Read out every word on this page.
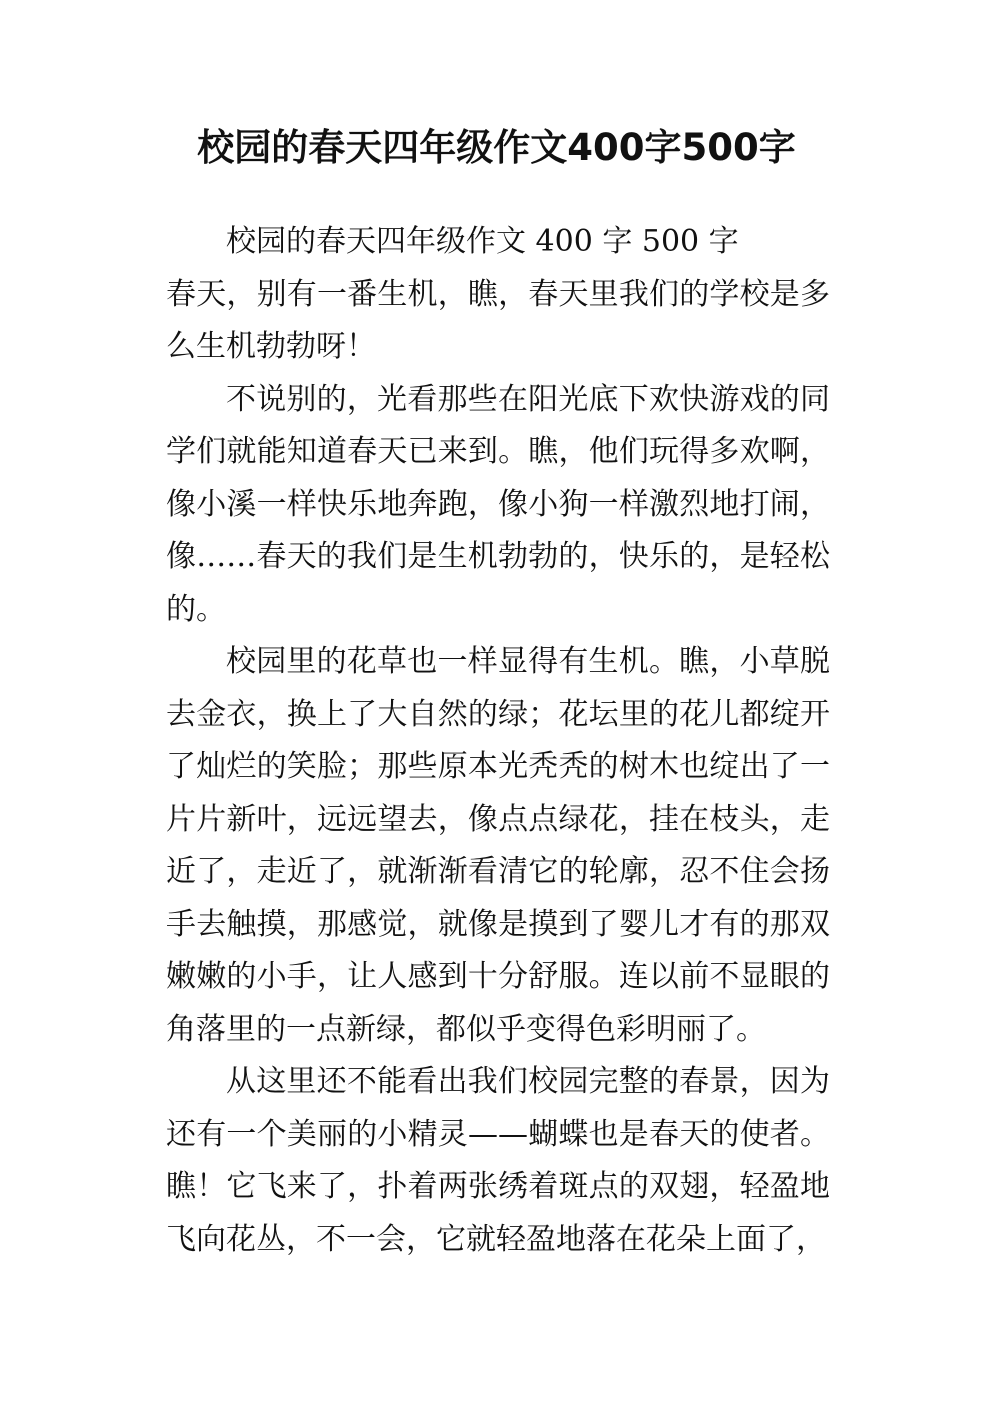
校园的春天四年级作文400字500字

校园的春天四年级作文 400 字 500 字

春天，别有一番生机，瞧，春天里我们的学校是多么生机勃勃呀！

不说别的，光看那些在阳光底下欢快游戏的同学们就能知道春天已来到。瞧，他们玩得多欢啊，像小溪一样快乐地奔跑，像小狗一样激烈地打闹，像……春天的我们是生机勃勃的，快乐的，是轻松的。

校园里的花草也一样显得有生机。瞧，小草脱去金衣，换上了大自然的绿；花坛里的花儿都绽开了灿烂的笑脸；那些原本光秃秃的树木也绽出了一片片新叶，远远望去，像点点绿花，挂在枝头，走近了，走近了，就渐渐看清它的轮廓，忍不住会扬手去触摸，那感觉，就像是摸到了婴儿才有的那双嫩嫩的小手，让人感到十分舒服。连以前不显眼的角落里的一点新绿，都似乎变得色彩明丽了。

从这里还不能看出我们校园完整的春景，因为还有一个美丽的小精灵——蝴蝶也是春天的使者。瞧！它飞来了，扑着两张绣着斑点的双翅，轻盈地飞向花丛，不一会，它就轻盈地落在花朵上面了，
